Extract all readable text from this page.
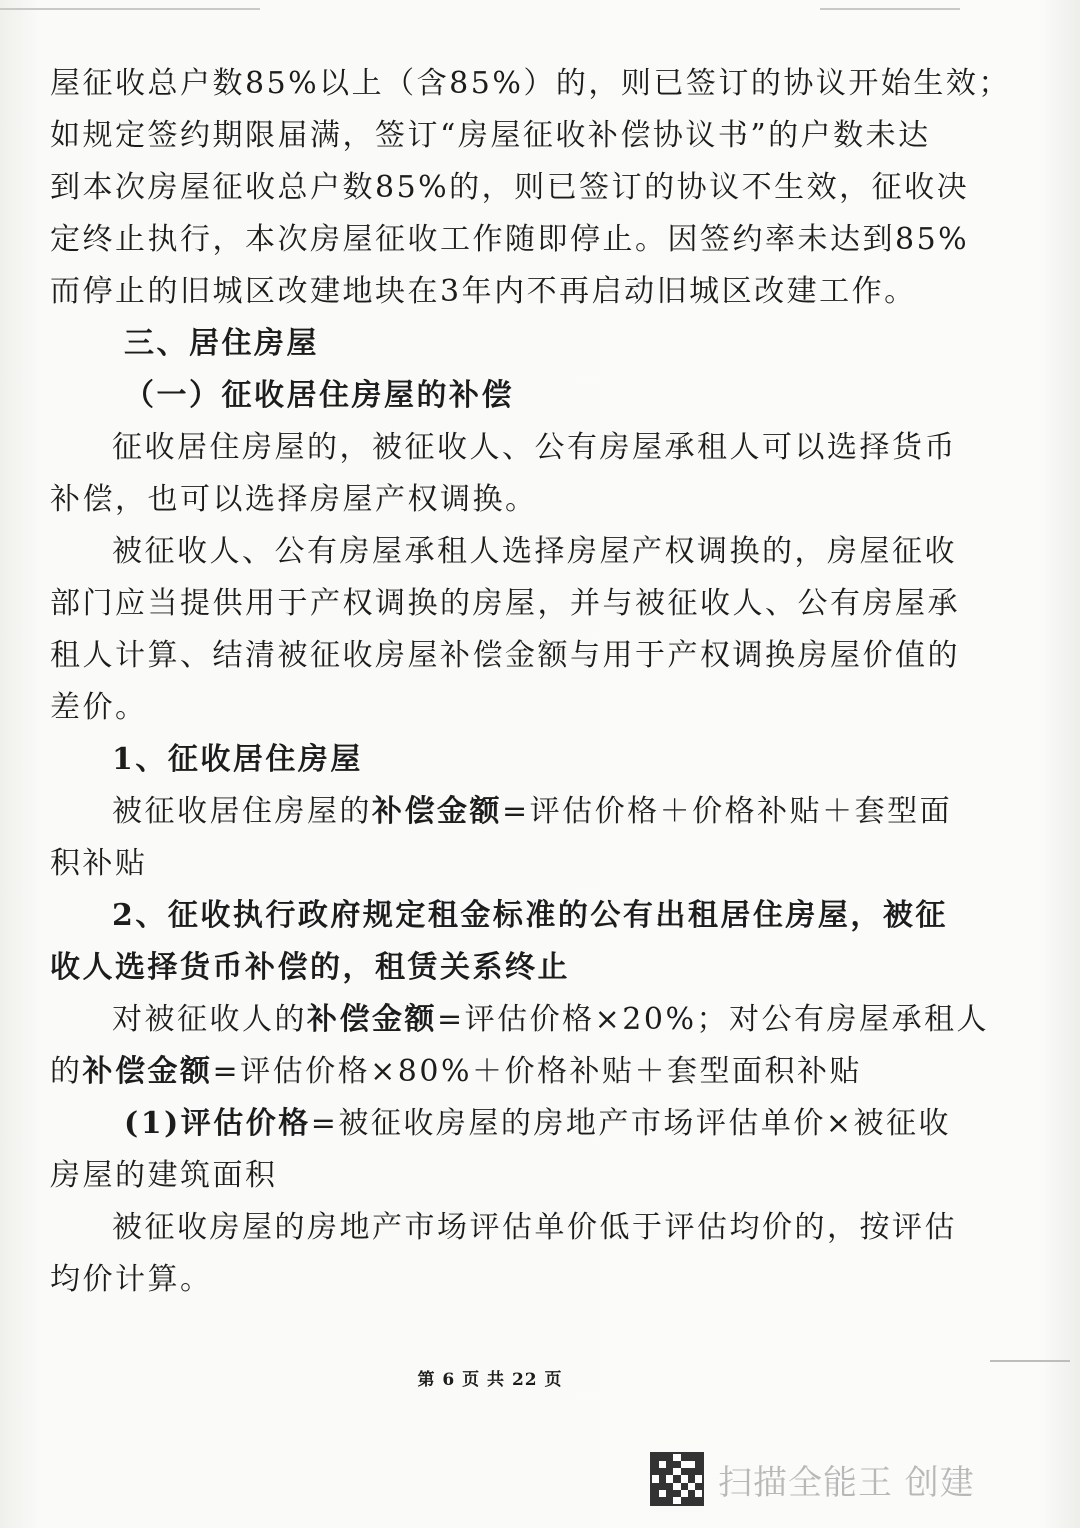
屋征收总户数85%以上（含85%）的，则已签订的协议开始生效；
如规定签约期限届满，签订“房屋征收补偿协议书”的户数未达
到本次房屋征收总户数85%的，则已签订的协议不生效，征收决
定终止执行，本次房屋征收工作随即停止。因签约率未达到85%
而停止的旧城区改建地块在3年内不再启动旧城区改建工作。
三、居住房屋
（一）征收居住房屋的补偿
征收居住房屋的，被征收人、公有房屋承租人可以选择货币
补偿，也可以选择房屋产权调换。
被征收人、公有房屋承租人选择房屋产权调换的，房屋征收
部门应当提供用于产权调换的房屋，并与被征收人、公有房屋承
租人计算、结清被征收房屋补偿金额与用于产权调换房屋价值的
差价。
1、征收居住房屋
被征收居住房屋的补偿金额=评估价格＋价格补贴＋套型面
积补贴
2、征收执行政府规定租金标准的公有出租居住房屋，被征
收人选择货币补偿的，租赁关系终止
对被征收人的补偿金额=评估价格×20%；对公有房屋承租人
的补偿金额=评估价格×80%＋价格补贴＋套型面积补贴
(1)评估价格=被征收房屋的房地产市场评估单价×被征收
房屋的建筑面积
被征收房屋的房地产市场评估单价低于评估均价的，按评估
均价计算。
第 6 页 共 22 页
扫描全能王 创建
